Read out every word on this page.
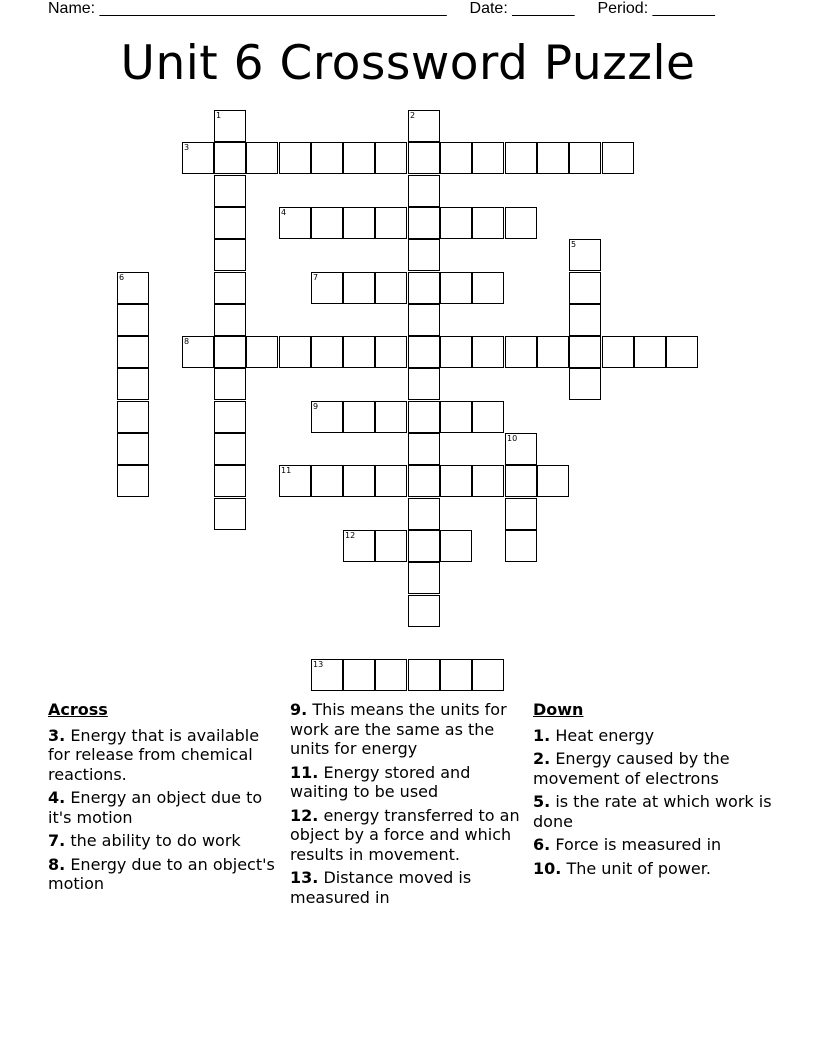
Name: _______________________________________ Date: _______ Period: _______
Unit 6 Crossword Puzzle
1	2
3
4
5
6	7
8
9
10
11
12
13
Across
3. Energy that is available for release from chemical reactions.
4. Energy an object due to it's motion
7. the ability to do work
8. Energy due to an object's motion
9. This means the units for work are the same as the units for energy
11. Energy stored and waiting to be used
12. energy transferred to an object by a force and which results in movement.
13. Distance moved is measured in
Down
1. Heat energy
2. Energy caused by the movement of electrons
5. is the rate at which work is done
6. Force is measured in
10. The unit of power.
